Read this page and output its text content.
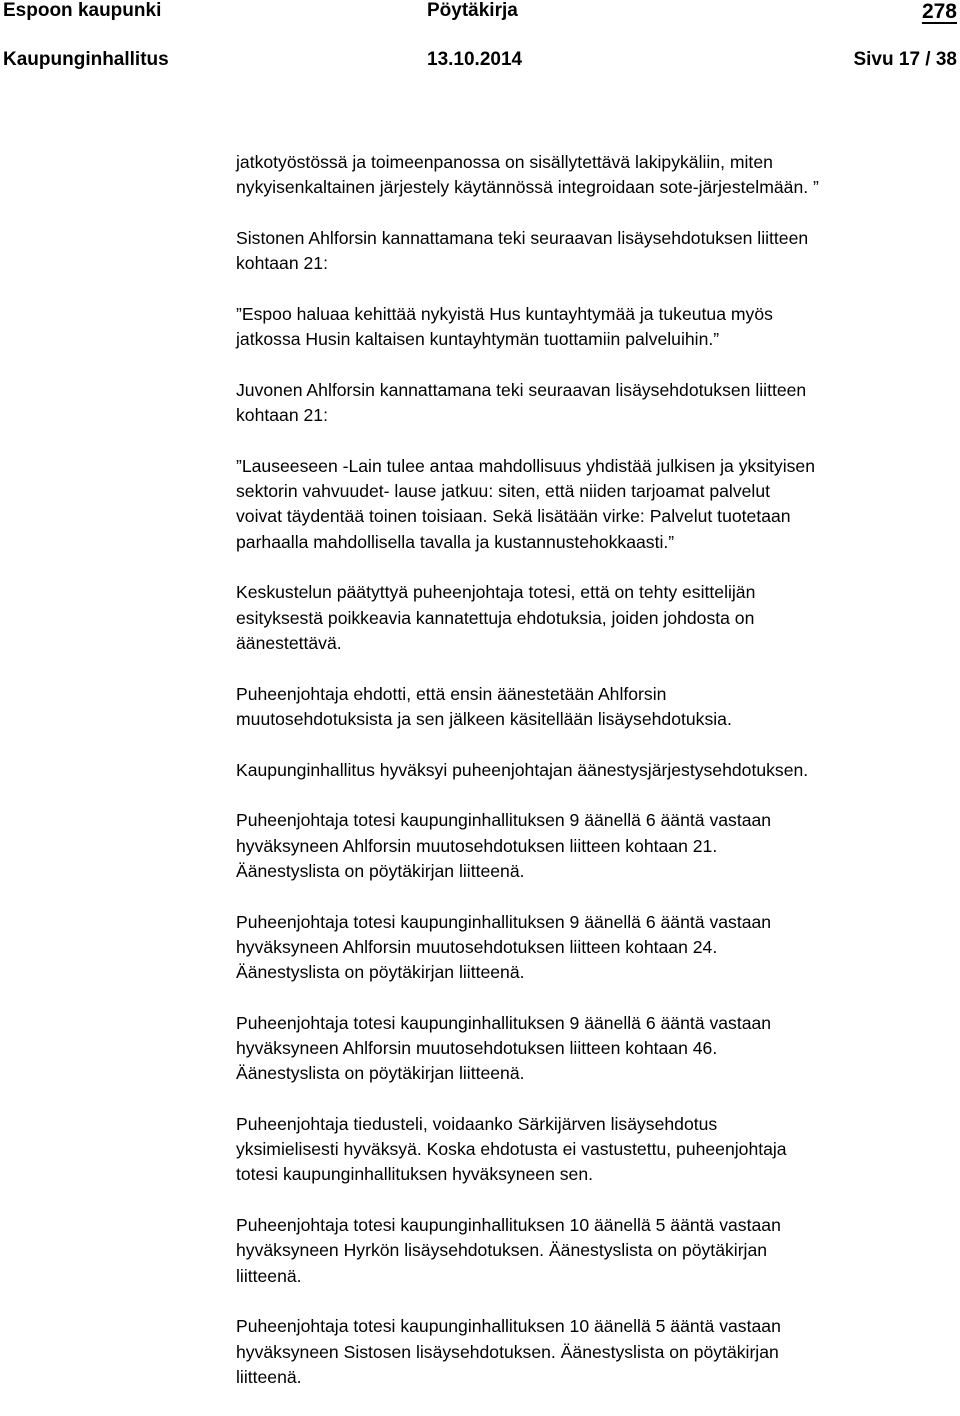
Espoon kaupunki	Pöytäkirja	278
Kaupunginhallitus	13.10.2014	Sivu 17 / 38

jatkotyöstössä ja toimeenpanossa on sisällytettävä lakipykäliin, miten
nykyisenkaltainen järjestely käytännössä integroidaan sote-järjestelmään. ”

Sistonen Ahlforsin kannattamana teki seuraavan lisäysehdotuksen liitteen
kohtaan 21:

”Espoo haluaa kehittää nykyistä Hus kuntayhtymää ja tukeutua myös
jatkossa Husin kaltaisen kuntayhtymän tuottamiin palveluihin.”

Juvonen Ahlforsin kannattamana teki seuraavan lisäysehdotuksen liitteen
kohtaan 21:

”Lauseeseen -Lain tulee antaa mahdollisuus yhdistää julkisen ja yksityisen
sektorin vahvuudet- lause jatkuu: siten, että niiden tarjoamat palvelut
voivat täydentää toinen toisiaan. Sekä lisätään virke: Palvelut tuotetaan
parhaalla mahdollisella tavalla ja kustannustehokkaasti.”

Keskustelun päätyttyä puheenjohtaja totesi, että on tehty esittelijän
esityksestä poikkeavia kannatettuja ehdotuksia, joiden johdosta on
äänestettävä.

Puheenjohtaja ehdotti, että ensin äänestetään Ahlforsin
muutosehdotuksista ja sen jälkeen käsitellään lisäysehdotuksia.

Kaupunginhallitus hyväksyi puheenjohtajan äänestysjärjestysehdotuksen.

Puheenjohtaja totesi kaupunginhallituksen 9 äänellä 6 ääntä vastaan
hyväksyneen Ahlforsin muutosehdotuksen liitteen kohtaan 21.
Äänestyslista on pöytäkirjan liitteenä.

Puheenjohtaja totesi kaupunginhallituksen 9 äänellä 6 ääntä vastaan
hyväksyneen Ahlforsin muutosehdotuksen liitteen kohtaan 24.
Äänestyslista on pöytäkirjan liitteenä.

Puheenjohtaja totesi kaupunginhallituksen 9 äänellä 6 ääntä vastaan
hyväksyneen Ahlforsin muutosehdotuksen liitteen kohtaan 46.
Äänestyslista on pöytäkirjan liitteenä.

Puheenjohtaja tiedusteli, voidaanko Särkijärven lisäysehdotus
yksimielisesti hyväksyä. Koska ehdotusta ei vastustettu, puheenjohtaja
totesi kaupunginhallituksen hyväksyneen sen.

Puheenjohtaja totesi kaupunginhallituksen 10 äänellä 5 ääntä vastaan
hyväksyneen Hyrkön lisäysehdotuksen. Äänestyslista on pöytäkirjan
liitteenä.

Puheenjohtaja totesi kaupunginhallituksen 10 äänellä 5 ääntä vastaan
hyväksyneen Sistosen lisäysehdotuksen. Äänestyslista on pöytäkirjan
liitteenä.
